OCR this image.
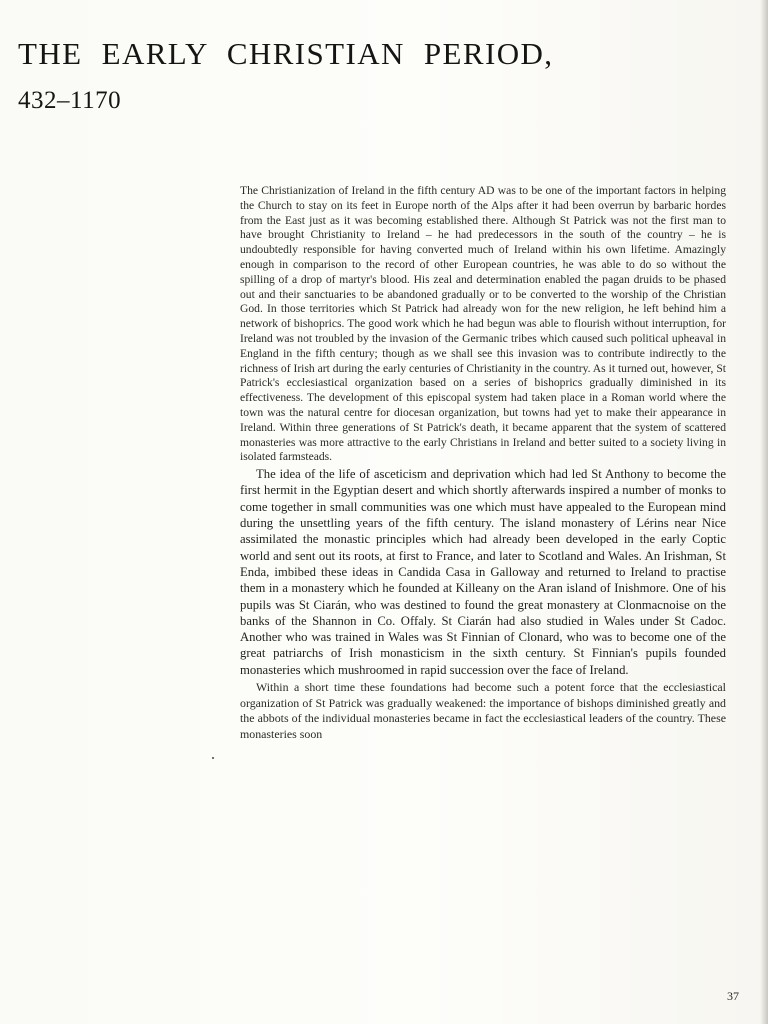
THE EARLY CHRISTIAN PERIOD,
432–1170

The Christianization of Ireland in the fifth century AD was to be one of the important factors in helping the Church to stay on its feet in Europe north of the Alps after it had been overrun by barbaric hordes from the East just as it was becoming established there. Although St Patrick was not the first man to have brought Christianity to Ireland – he had predecessors in the south of the country – he is undoubtedly responsible for having converted much of Ireland within his own lifetime. Amazingly enough in comparison to the record of other European countries, he was able to do so without the spilling of a drop of martyr's blood. His zeal and determination enabled the pagan druids to be phased out and their sanctuaries to be abandoned gradually or to be converted to the worship of the Christian God. In those territories which St Patrick had already won for the new religion, he left behind him a network of bishoprics. The good work which he had begun was able to flourish without interruption, for Ireland was not troubled by the invasion of the Germanic tribes which caused such political upheaval in England in the fifth century; though as we shall see this invasion was to contribute indirectly to the richness of Irish art during the early centuries of Christianity in the country. As it turned out, however, St Patrick's ecclesiastical organization based on a series of bishoprics gradually diminished in its effectiveness. The development of this episcopal system had taken place in a Roman world where the town was the natural centre for diocesan organization, but towns had yet to make their appearance in Ireland. Within three generations of St Patrick's death, it became apparent that the system of scattered monasteries was more attractive to the early Christians in Ireland and better suited to a society living in isolated farmsteads.

The idea of the life of asceticism and deprivation which had led St Anthony to become the first hermit in the Egyptian desert and which shortly afterwards inspired a number of monks to come together in small communities was one which must have appealed to the European mind during the unsettling years of the fifth century. The island monastery of Lérins near Nice assimilated the monastic principles which had already been developed in the early Coptic world and sent out its roots, at first to France, and later to Scotland and Wales. An Irishman, St Enda, imbibed these ideas in Candida Casa in Galloway and returned to Ireland to practise them in a monastery which he founded at Killeany on the Aran island of Inishmore. One of his pupils was St Ciarán, who was destined to found the great monastery at Clonmacnoise on the banks of the Shannon in Co. Offaly. St Ciarán had also studied in Wales under St Cadoc. Another who was trained in Wales was St Finnian of Clonard, who was to become one of the great patriarchs of Irish monasticism in the sixth century. St Finnian's pupils founded monasteries which mushroomed in rapid succession over the face of Ireland.

Within a short time these foundations had become such a potent force that the ecclesiastical organization of St Patrick was gradually weakened: the importance of bishops diminished greatly and the abbots of the individual monasteries became in fact the ecclesiastical leaders of the country. These monasteries soon

37
